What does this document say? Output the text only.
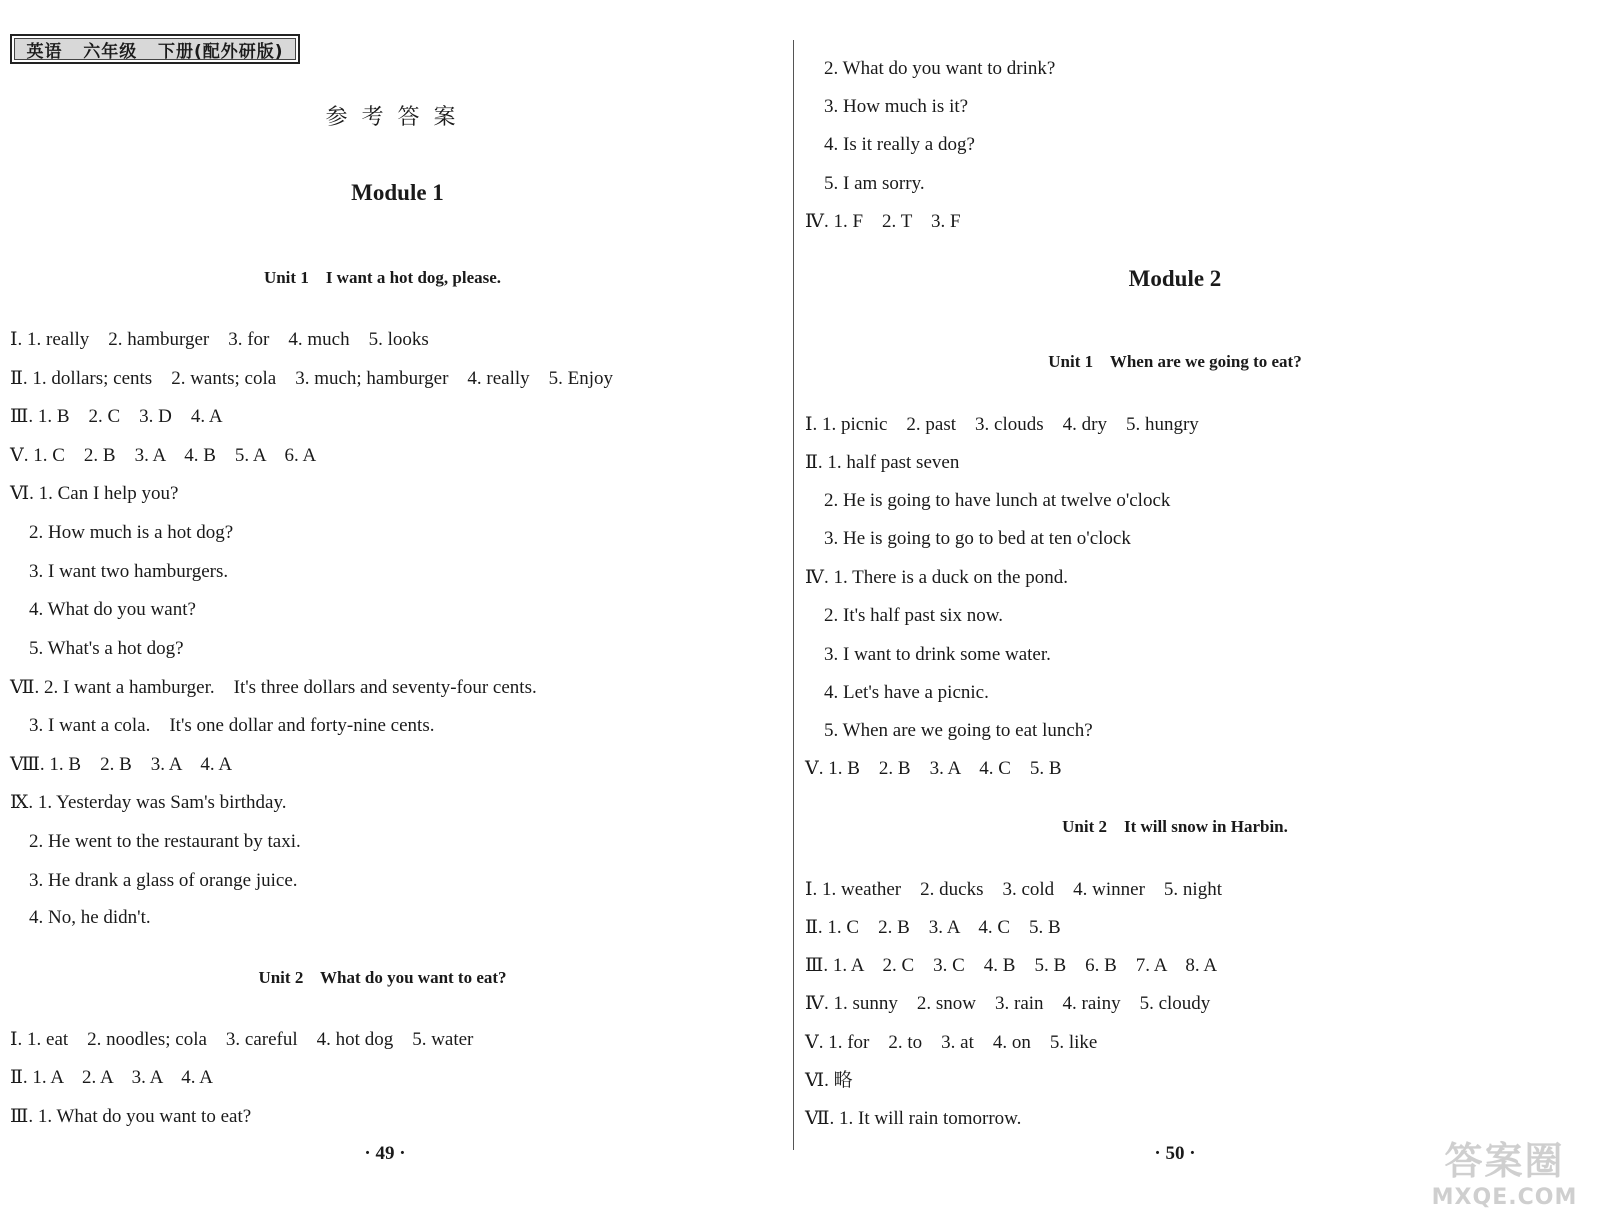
英语   六年级   下册(配外研版)
参考答案
Module 1
Unit 1    I want a hot dog, please.
Ⅰ. 1. really    2. hamburger    3. for    4. much    5. looks
Ⅱ. 1. dollars; cents    2. wants; cola    3. much; hamburger    4. really    5. Enjoy
Ⅲ. 1. B    2. C    3. D    4. A
Ⅴ. 1. C    2. B    3. A    4. B    5. A    6. A
Ⅵ. 1. Can I help you?
2. How much is a hot dog?
3. I want two hamburgers.
4. What do you want?
5. What's a hot dog?
Ⅶ. 2. I want a hamburger.    It's three dollars and seventy-four cents.
3. I want a cola.    It's one dollar and forty-nine cents.
Ⅷ. 1. B    2. B    3. A    4. A
Ⅸ. 1. Yesterday was Sam's birthday.
2. He went to the restaurant by taxi.
3. He drank a glass of orange juice.
4. No, he didn't.
Unit 2    What do you want to eat?
Ⅰ. 1. eat    2. noodles; cola    3. careful    4. hot dog    5. water
Ⅱ. 1. A    2. A    3. A    4. A
Ⅲ. 1. What do you want to eat?
· 49 ·
2. What do you want to drink?
3. How much is it?
4. Is it really a dog?
5. I am sorry.
Ⅳ. 1. F    2. T    3. F
Module 2
Unit 1    When are we going to eat?
Ⅰ. 1. picnic    2. past    3. clouds    4. dry    5. hungry
Ⅱ. 1. half past seven
2. He is going to have lunch at twelve o'clock
3. He is going to go to bed at ten o'clock
Ⅳ. 1. There is a duck on the pond.
2. It's half past six now.
3. I want to drink some water.
4. Let's have a picnic.
5. When are we going to eat lunch?
Ⅴ. 1. B    2. B    3. A    4. C    5. B
Unit 2    It will snow in Harbin.
Ⅰ. 1. weather    2. ducks    3. cold    4. winner    5. night
Ⅱ. 1. C    2. B    3. A    4. C    5. B
Ⅲ. 1. A    2. C    3. C    4. B    5. B    6. B    7. A    8. A
Ⅳ. 1. sunny    2. snow    3. rain    4. rainy    5. cloudy
Ⅴ. 1. for    2. to    3. at    4. on    5. like
Ⅵ. 略
Ⅶ. 1. It will rain tomorrow.
· 50 ·	答案圈
MXQE.COM
